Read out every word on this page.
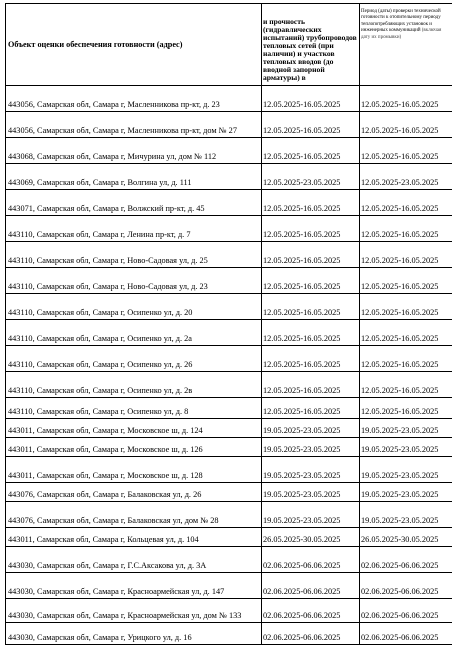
Объект оценки обеспечения готовности (адрес)	и прочность (гидравлических испытаний) трубопроводов тепловых сетей (при наличии) и участков тепловых вводов (до вводной запорной арматуры) в	Период (даты) проверки технической готовности к отопительному периоду теплопотребляющих установок и инженерных коммуникаций (включая дату их промывки)
443056, Самарская обл, Самара г, Масленникова пр-кт, д. 23	12.05.2025-16.05.2025	12.05.2025-16.05.2025
443056, Самарская обл, Самара г, Масленникова пр-кт, дом № 27	12.05.2025-16.05.2025	12.05.2025-16.05.2025
443068, Самарская обл, Самара г, Мичурина ул, дом № 112	12.05.2025-16.05.2025	12.05.2025-16.05.2025
443069, Самарская обл, Самара г, Волгина ул, д. 111	12.05.2025-23.05.2025	12.05.2025-23.05.2025
443071, Самарская обл, Самара г, Волжский пр-кт, д. 45	12.05.2025-16.05.2025	12.05.2025-16.05.2025
443110, Самарская обл, Самара г, Ленина пр-кт, д. 7	12.05.2025-16.05.2025	12.05.2025-16.05.2025
443110, Самарская обл, Самара г, Ново-Садовая ул, д. 25	12.05.2025-16.05.2025	12.05.2025-16.05.2025
443110, Самарская обл, Самара г, Ново-Садовая ул, д. 23	12.05.2025-16.05.2025	12.05.2025-16.05.2025
443110, Самарская обл, Самара г, Осипенко ул, д. 20	12.05.2025-16.05.2025	12.05.2025-16.05.2025
443110, Самарская обл, Самара г, Осипенко ул, д. 2а	12.05.2025-16.05.2025	12.05.2025-16.05.2025
443110, Самарская обл, Самара г, Осипенко ул, д. 26	12.05.2025-16.05.2025	12.05.2025-16.05.2025
443110, Самарская обл, Самара г, Осипенко ул, д. 2в	12.05.2025-16.05.2025	12.05.2025-16.05.2025
443110, Самарская обл, Самара г, Осипенко ул, д. 8	12.05.2025-16.05.2025	12.05.2025-16.05.2025
443011, Самарская обл, Самара г, Московское ш, д. 124	19.05.2025-23.05.2025	19.05.2025-23.05.2025
443011, Самарская обл, Самара г, Московское ш, д. 126	19.05.2025-23.05.2025	19.05.2025-23.05.2025
443011, Самарская обл, Самара г, Московское ш, д. 128	19.05.2025-23.05.2025	19.05.2025-23.05.2025
443076, Самарская обл, Самара г, Балаковская ул, д. 26	19.05.2025-23.05.2025	19.05.2025-23.05.2025
443076, Самарская обл, Самара г, Балаковская ул, дом № 28	19.05.2025-23.05.2025	19.05.2025-23.05.2025
443011, Самарская обл, Самара г, Кольцевая ул, д. 104	26.05.2025-30.05.2025	26.05.2025-30.05.2025
443030, Самарская обл, Самара г, Г.С.Аксакова ул, д. 3А	02.06.2025-06.06.2025	02.06.2025-06.06.2025
443030, Самарская обл, Самара г, Красноармейская ул, д. 147	02.06.2025-06.06.2025	02.06.2025-06.06.2025
443030, Самарская обл, Самара г, Красноармейская ул, дом № 133	02.06.2025-06.06.2025	02.06.2025-06.06.2025
443030, Самарская обл, Самара г, Урицкого ул, д. 16	02.06.2025-06.06.2025	02.06.2025-06.06.2025
